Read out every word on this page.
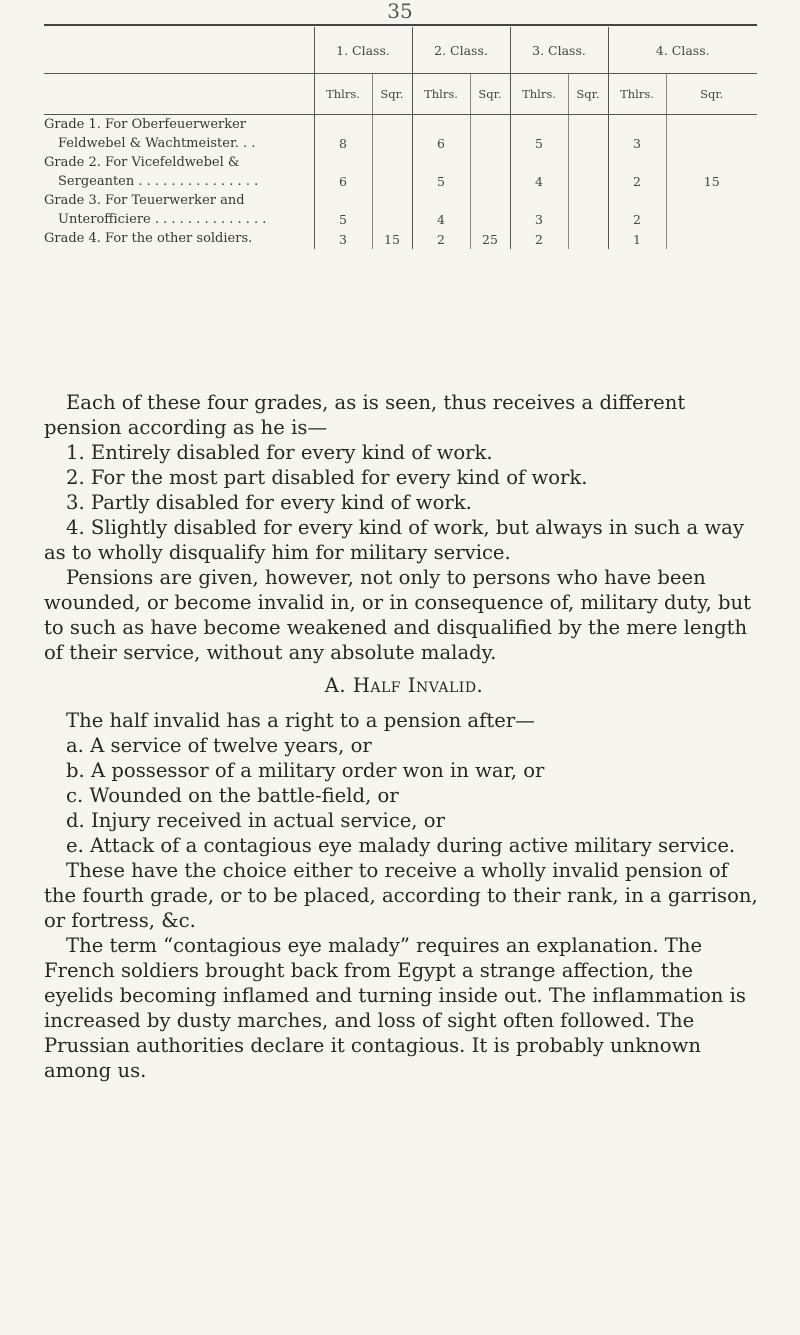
35
	1. Class.		2. Class.		3. Class.		4. Class.	
	Thlrs.	Sqr.	Thlrs.	Sqr.	Thlrs.	Sqr.	Thlrs.	Sqr.
Grade 1. For Oberfeuerwerker
Feldwebel & Wachtmeister. . .	8		6		5		3	
Grade 2. For Vicefeldwebel &
Sergeanten . . . . . . . . . . . . . . .	6		5		4		2	15
Grade 3. For Teuerwerker and
Unterofficiere . . . . . . . . . . . . . .	5		4		3		2	
Grade 4. For the other soldiers.	3	15	2	25	2		1	

Each of these four grades, as is seen, thus receives a different pension according as he is—

1. Entirely disabled for every kind of work.

2. For the most part disabled for every kind of work.

3. Partly disabled for every kind of work.

4. Slightly disabled for every kind of work, but always in such a way as to wholly disqualify him for military service.

Pensions are given, however, not only to persons who have been wounded, or become invalid in, or in consequence of, military duty, but to such as have become weakened and disqualified by the mere length of their service, without any absolute malady.

A. Half Invalid.

The half invalid has a right to a pension after—

a. A service of twelve years, or

b. A possessor of a military order won in war, or

c. Wounded on the battle-field, or

d. Injury received in actual service, or

e. Attack of a contagious eye malady during active military service.

These have the choice either to receive a wholly invalid pension of the fourth grade, or to be placed, according to their rank, in a garrison, or fortress, &c.

The term “contagious eye malady” requires an explanation. The French soldiers brought back from Egypt a strange affection, the eyelids becoming inflamed and turning inside out. The inflammation is increased by dusty marches, and loss of sight often followed. The Prussian authorities declare it contagious. It is probably unknown among us.
